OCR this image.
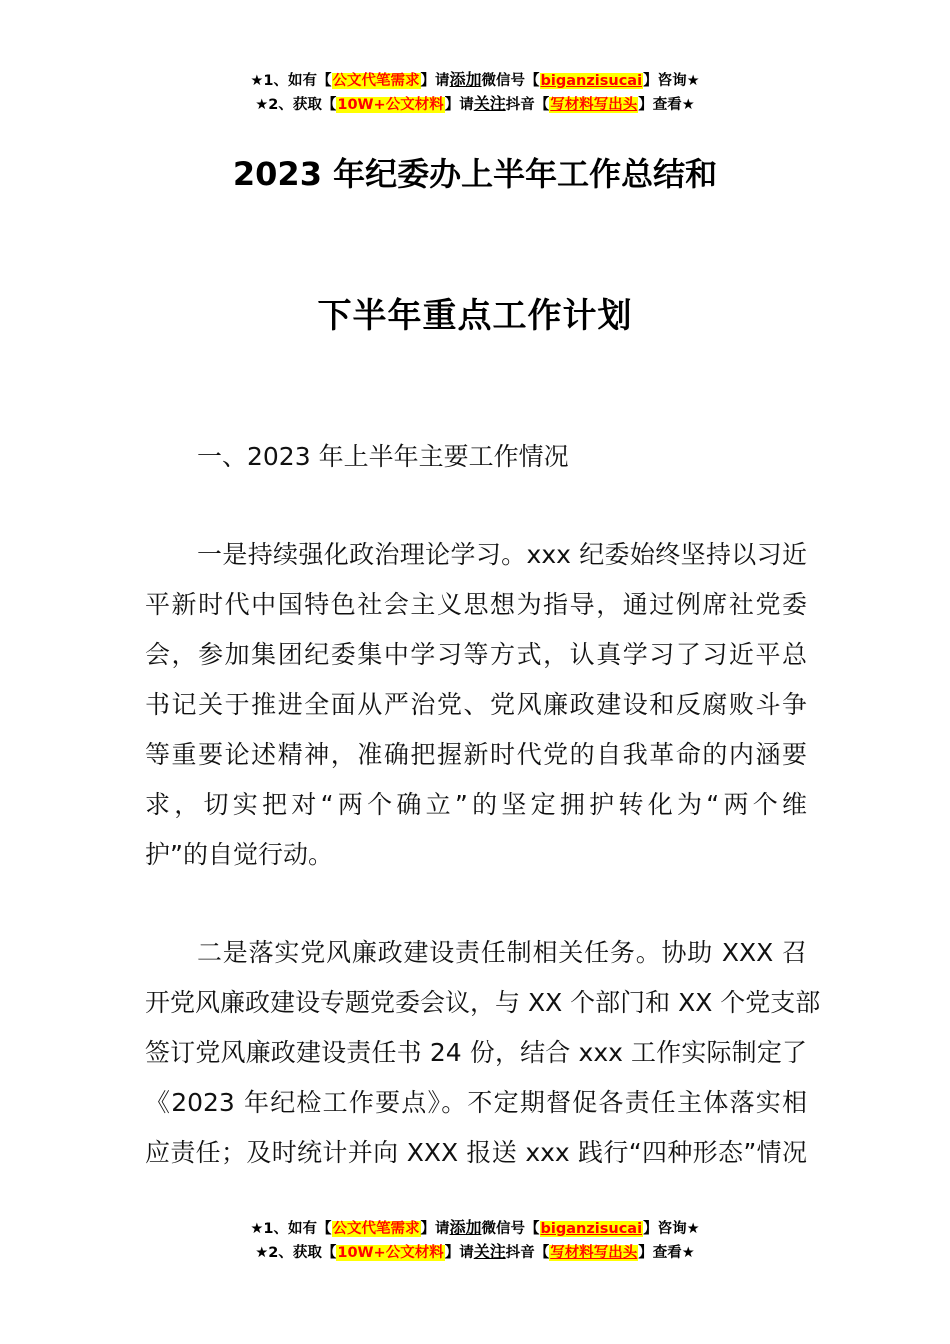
★1、如有【公文代笔需求】请添加微信号【biganzisucai】咨询★
★2、获取【10W+公文材料】请关注抖音【写材料写出头】查看★
2023 年纪委办上半年工作总结和
下半年重点工作计划
一、2023 年上半年主要工作情况
一是持续强化政治理论学习。xxx 纪委始终坚持以习近
平新时代中国特色社会主义思想为指导，通过例席社党委
会，参加集团纪委集中学习等方式，认真学习了习近平总
书记关于推进全面从严治党、党风廉政建设和反腐败斗争
等重要论述精神，准确把握新时代党的自我革命的内涵要
求，切实把对“两个确立”的坚定拥护转化为“两个维
护”的自觉行动。
二是落实党风廉政建设责任制相关任务。协助 XXX 召
开党风廉政建设专题党委会议，与 XX 个部门和 XX 个党支部
签订党风廉政建设责任书 24 份，结合 xxx 工作实际制定了
《2023 年纪检工作要点》。不定期督促各责任主体落实相
应责任；及时统计并向 XXX 报送 xxx 践行“四种形态”情况
★1、如有【公文代笔需求】请添加微信号【biganzisucai】咨询★
★2、获取【10W+公文材料】请关注抖音【写材料写出头】查看★
